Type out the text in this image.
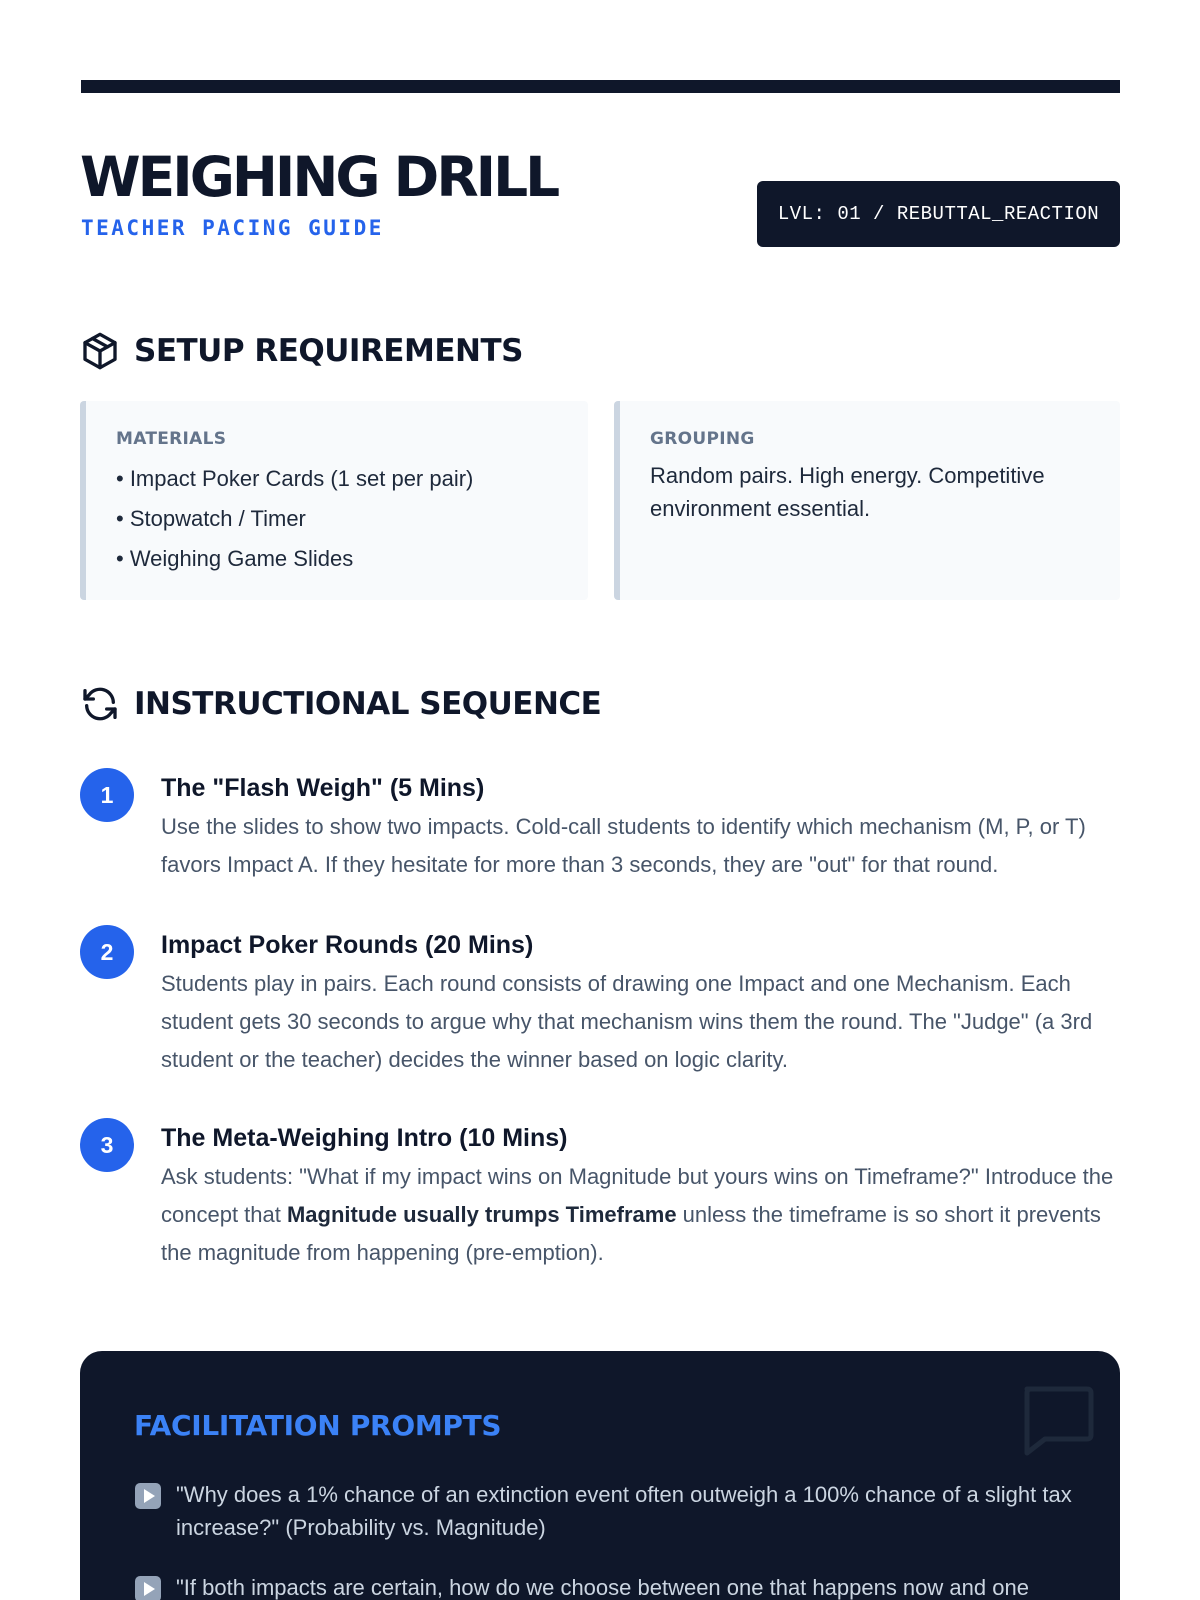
WEIGHING DRILL
TEACHER PACING GUIDE
LVL: 01 / REBUTTAL_REACTION
SETUP REQUIREMENTS
MATERIALS
• Impact Poker Cards (1 set per pair)
• Stopwatch / Timer
• Weighing Game Slides
GROUPING
Random pairs. High energy. Competitive environment essential.
INSTRUCTIONAL SEQUENCE
1	The "Flash Weigh" (5 Mins)
Use the slides to show two impacts. Cold-call students to identify which mechanism (M, P, or T) favors Impact A. If they hesitate for more than 3 seconds, they are "out" for that round.
2	Impact Poker Rounds (20 Mins)
Students play in pairs. Each round consists of drawing one Impact and one Mechanism. Each student gets 30 seconds to argue why that mechanism wins them the round. The "Judge" (a 3rd student or the teacher) decides the winner based on logic clarity.
3	The Meta-Weighing Intro (10 Mins)
Ask students: "What if my impact wins on Magnitude but yours wins on Timeframe?" Introduce the concept that Magnitude usually trumps Timeframe unless the timeframe is so short it prevents the magnitude from happening (pre-emption).
FACILITATION PROMPTS
"Why does a 1% chance of an extinction event often outweigh a 100% chance of a slight tax increase?" (Probability vs. Magnitude)
"If both impacts are certain, how do we choose between one that happens now and one
